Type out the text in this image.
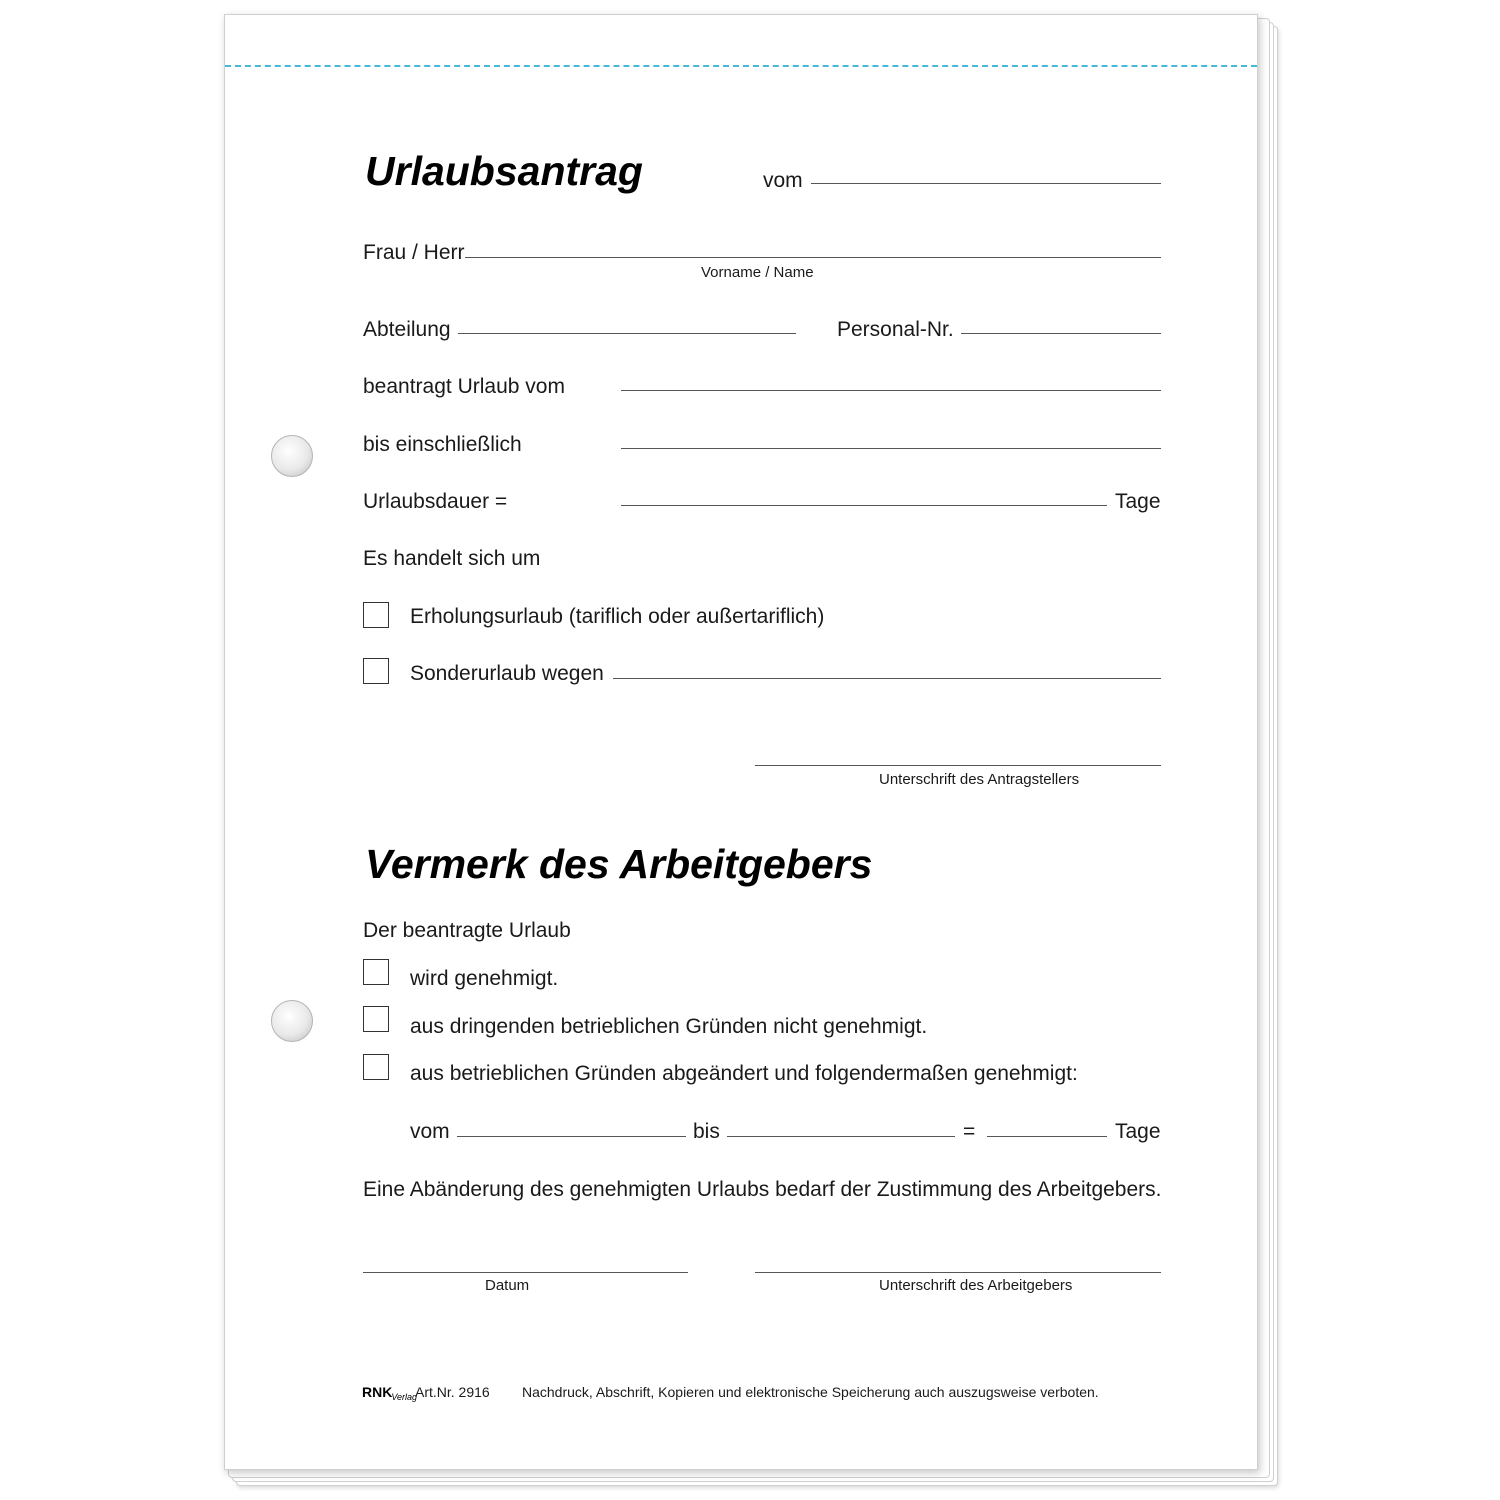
Urlaubsantrag	vom
Frau / Herr
Vorname / Name
Abteilung	Personal-Nr.
beantragt Urlaub vom
bis einschließlich
Urlaubsdauer =	Tage
Es handelt sich um
Erholungsurlaub (tariflich oder außertariflich)
Sonderurlaub wegen
Unterschrift des Antragstellers
Vermerk des Arbeitgebers
Der beantragte Urlaub
wird genehmigt.
aus dringenden betrieblichen Gründen nicht genehmigt.
aus betrieblichen Gründen abgeändert und folgendermaßen genehmigt:
vom	bis	=	Tage
Eine Abänderung des genehmigten Urlaubs bedarf der Zustimmung des Arbeitgebers.
Datum	Unterschrift des Arbeitgebers
$RNK_{Verlag}$
Art.Nr. 2916 Nachdruck, Abschrift, Kopieren und elektronische Speicherung auch auszugsweise verboten.
